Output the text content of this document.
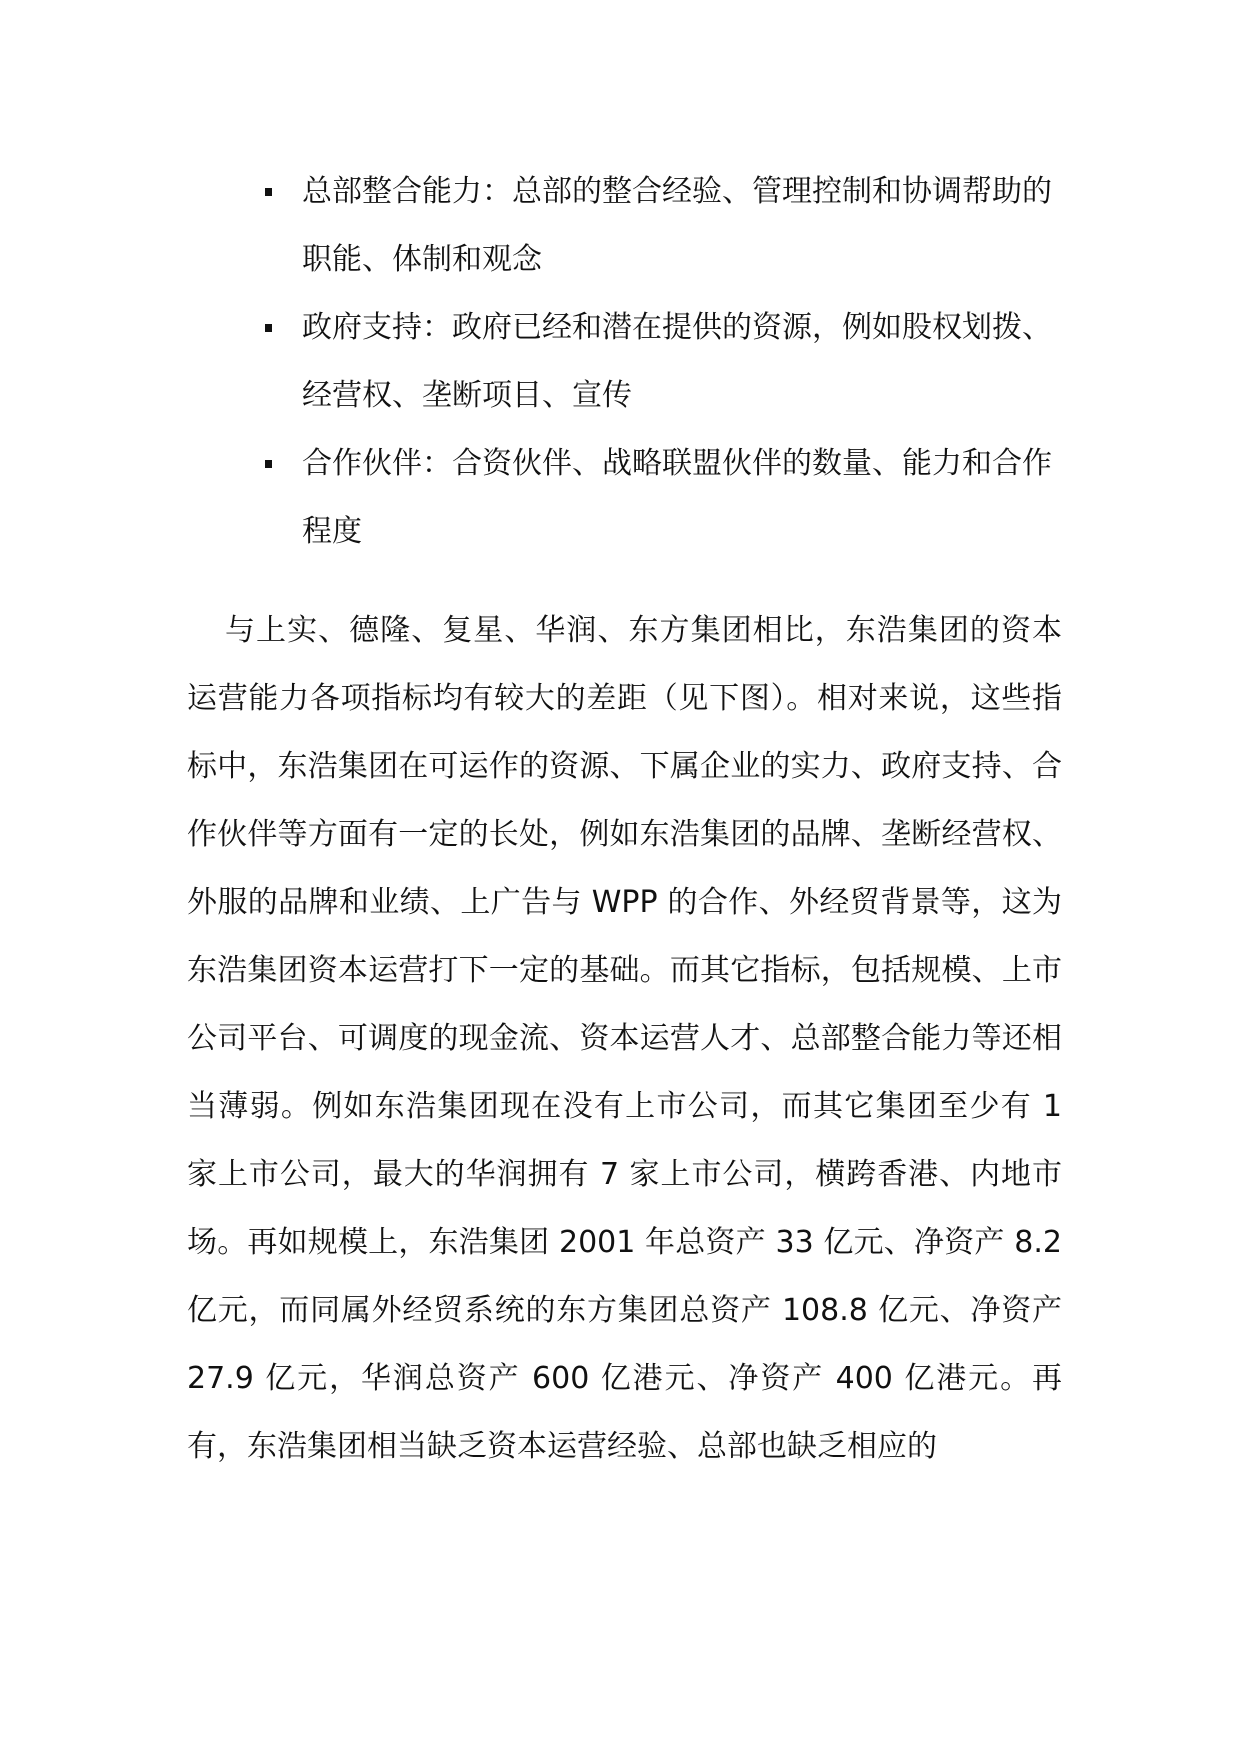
总部整合能力：总部的整合经验、管理控制和协调帮助的职能、体制和观念
政府支持：政府已经和潜在提供的资源，例如股权划拨、经营权、垄断项目、宣传
合作伙伴：合资伙伴、战略联盟伙伴的数量、能力和合作程度

与上实、德隆、复星、华润、东方集团相比，东浩集团的资本运营能力各项指标均有较大的差距（见下图）。相对来说，这些指标中，东浩集团在可运作的资源、下属企业的实力、政府支持、合作伙伴等方面有一定的长处，例如东浩集团的品牌、垄断经营权、外服的品牌和业绩、上广告与 WPP 的合作、外经贸背景等，这为东浩集团资本运营打下一定的基础。而其它指标，包括规模、上市公司平台、可调度的现金流、资本运营人才、总部整合能力等还相当薄弱。例如东浩集团现在没有上市公司，而其它集团至少有 1 家上市公司，最大的华润拥有 7 家上市公司，横跨香港、内地市场。再如规模上，东浩集团 2001 年总资产 33 亿元、净资产 8.2 亿元，而同属外经贸系统的东方集团总资产 108.8 亿元、净资产 27.9 亿元，华润总资产 600 亿港元、净资产 400 亿港元。再有，东浩集团相当缺乏资本运营经验、总部也缺乏相应的
